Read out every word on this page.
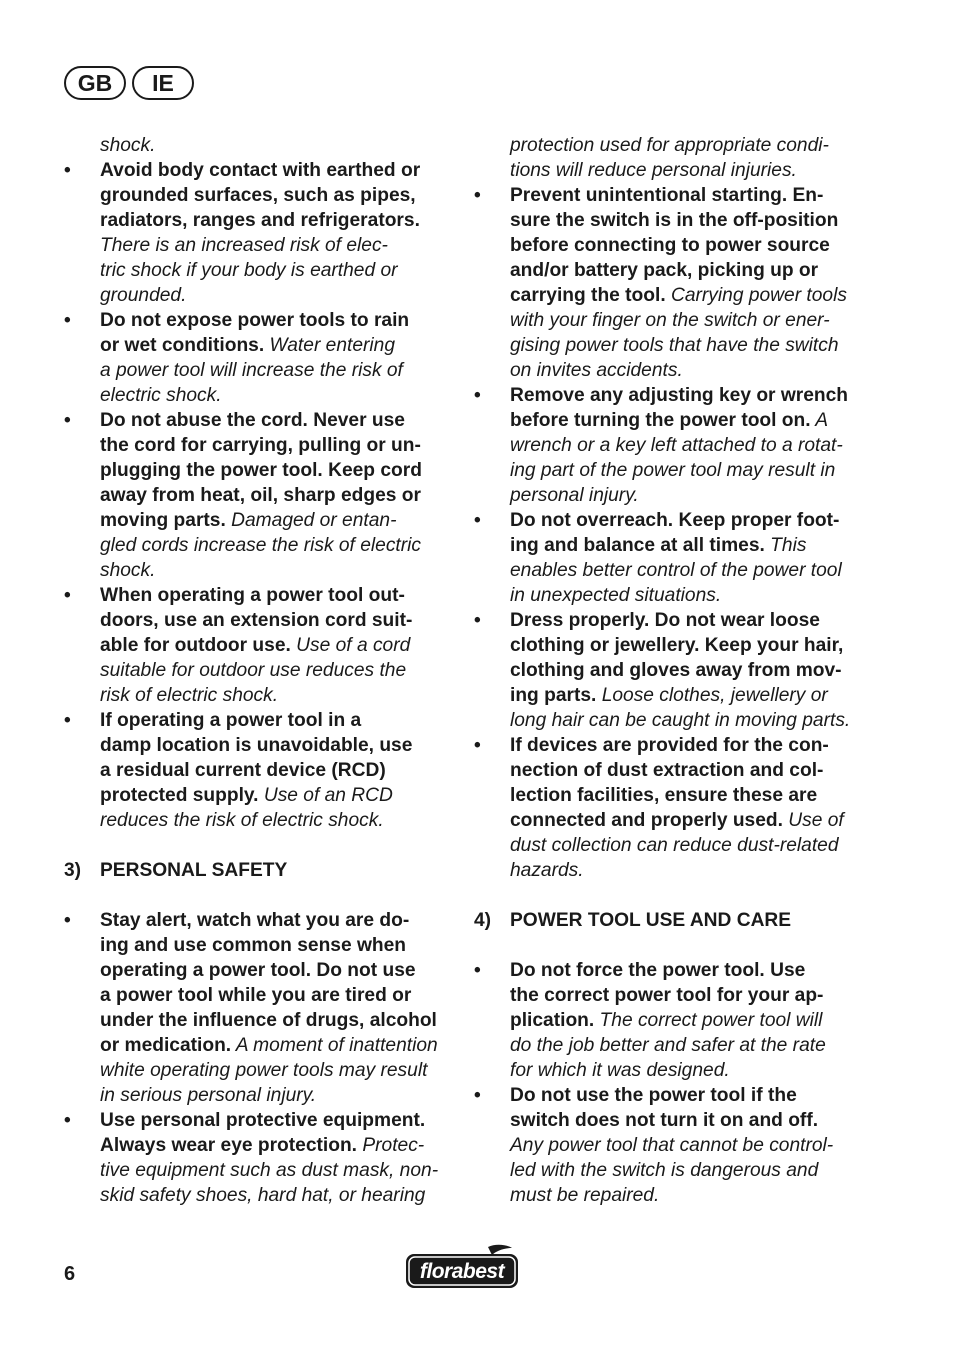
GB	IE
shock.
• Avoid body contact with earthed or
grounded surfaces, such as pipes,
radiators, ranges and refrigerators.
There is an increased risk of elec-
tric shock if your body is earthed or
grounded.
• Do not expose power tools to rain
or wet conditions. Water entering
a power tool will increase the risk of
electric shock.
• Do not abuse the cord. Never use
the cord for carrying, pulling or un-
plugging the power tool. Keep cord
away from heat, oil, sharp edges or
moving parts. Damaged or entan-
gled cords increase the risk of electric
shock.
• When operating a power tool out-
doors, use an extension cord suit-
able for outdoor use. Use of a cord
suitable for outdoor use reduces the
risk of electric shock.
• If operating a power tool in a
damp location is unavoidable, use
a residual current device (RCD)
protected supply. Use of an RCD
reduces the risk of electric shock.
3) PERSONAL SAFETY
• Stay alert, watch what you are do-
ing and use common sense when
operating a power tool. Do not use
a power tool while you are tired or
under the influence of drugs, alcohol
or medication. A moment of inattention
white operating power tools may result
in serious personal injury.
• Use personal protective equipment.
Always wear eye protection. Protec-
tive equipment such as dust mask, non-
skid safety shoes, hard hat, or hearing
protection used for appropriate condi-
tions will reduce personal injuries.
• Prevent unintentional starting. En-
sure the switch is in the off-position
before connecting to power source
and/or battery pack, picking up or
carrying the tool. Carrying power tools
with your finger on the switch or ener-
gising power tools that have the switch
on invites accidents.
• Remove any adjusting key or wrench
before turning the power tool on. A
wrench or a key left attached to a rotat-
ing part of the power tool may result in
personal injury.
• Do not overreach. Keep proper foot-
ing and balance at all times. This
enables better control of the power tool
in unexpected situations.
• Dress properly. Do not wear loose
clothing or jewellery. Keep your hair,
clothing and gloves away from mov-
ing parts. Loose clothes, jewellery or
long hair can be caught in moving parts.
• If devices are provided for the con-
nection of dust extraction and col-
lection facilities, ensure these are
connected and properly used. Use of
dust collection can reduce dust-related
hazards.
4) POWER TOOL USE AND CARE
• Do not force the power tool. Use
the correct power tool for your ap-
plication. The correct power tool will
do the job better and safer at the rate
for which it was designed.
• Do not use the power tool if the
switch does not turn it on and off.
Any power tool that cannot be control-
led with the switch is dangerous and
must be repaired.
6	florabest
